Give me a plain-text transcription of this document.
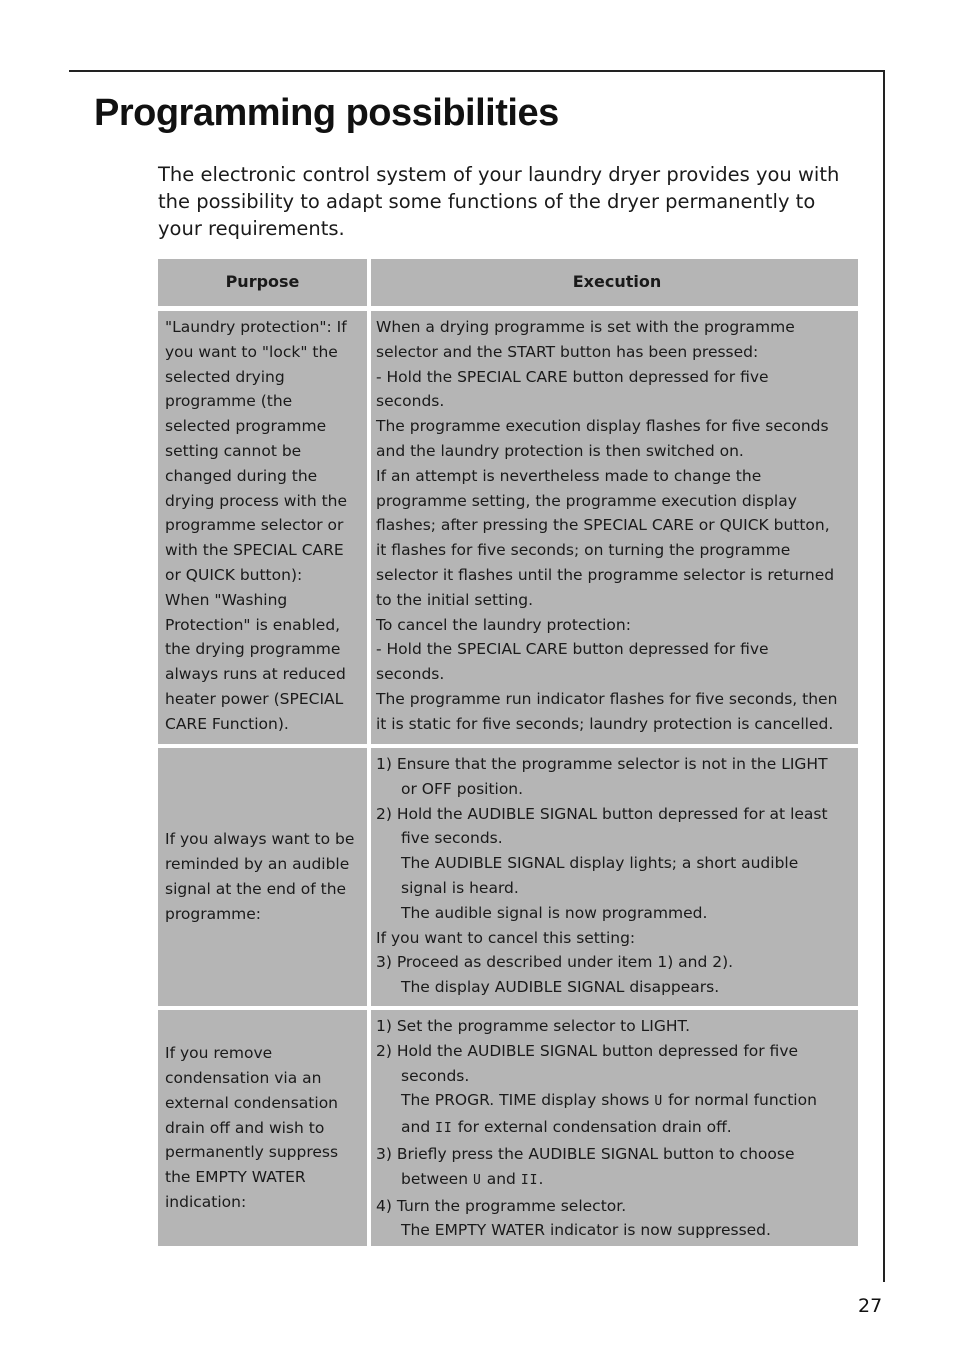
Programming possibilities

The electronic control system of your laundry dryer provides you with the possibility to adapt some functions of the dryer permanently to your requirements.

Purpose	Execution
"Laundry protection": If
you want to "lock" the
selected drying
programme (the
selected programme
setting cannot be
changed during the
drying process with the
programme selector or
with the SPECIAL CARE
or QUICK button):
When "Washing
Protection" is enabled,
the drying programme
always runs at reduced
heater power (SPECIAL
CARE Function).
When a drying programme is set with the programme
selector and the START button has been pressed:
- Hold the SPECIAL CARE button depressed for five
seconds.
The programme execution display flashes for five seconds
and the laundry protection is then switched on.
If an attempt is nevertheless made to change the
programme setting, the programme execution display
flashes; after pressing the SPECIAL CARE or QUICK button,
it flashes for five seconds; on turning the programme
selector it flashes until the programme selector is returned
to the initial setting.
To cancel the laundry protection:
- Hold the SPECIAL CARE button depressed for five
seconds.
The programme run indicator flashes for five seconds, then
it is static for five seconds; laundry protection is cancelled.
If you always want to be
reminded by an audible
signal at the end of the
programme:
1) Ensure that the programme selector is not in the LIGHT
or OFF position.
2) Hold the AUDIBLE SIGNAL button depressed for at least
five seconds.
The AUDIBLE SIGNAL display lights; a short audible
signal is heard.
The audible signal is now programmed.
If you want to cancel this setting:
3) Proceed as described under item 1) and 2).
The display AUDIBLE SIGNAL disappears.
If you remove
condensation via an
external condensation
drain off and wish to
permanently suppress
the EMPTY WATER
indication:
1) Set the programme selector to LIGHT.
2) Hold the AUDIBLE SIGNAL button depressed for five
seconds.
The PROGR. TIME display shows U for normal function
and II for external condensation drain off.
3) Briefly press the AUDIBLE SIGNAL button to choose
between U and II.
4) Turn the programme selector.
The EMPTY WATER indicator is now suppressed.
27
